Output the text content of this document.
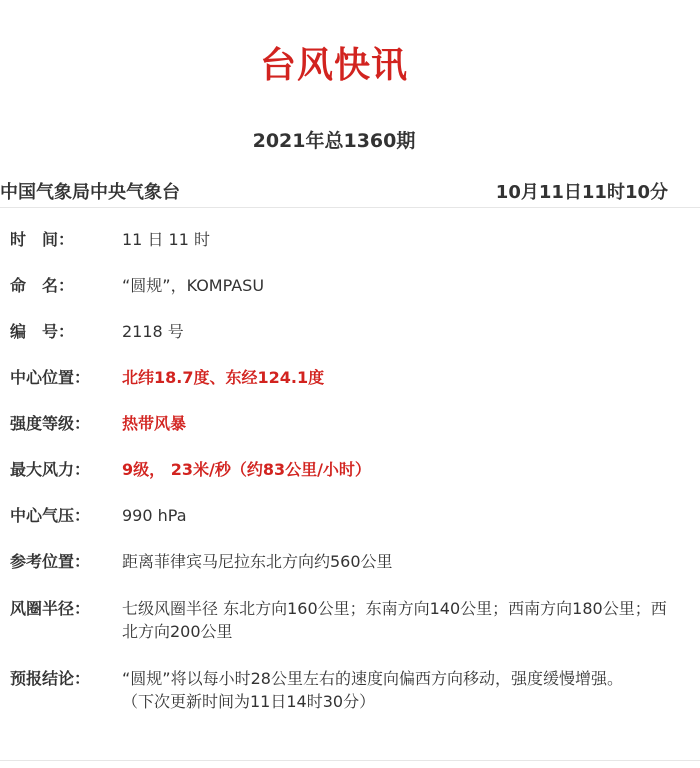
台风快讯
2021年总1360期
中国气象局中央气象台	10月11日11时10分
时　间：	11 日 11 时
命　名：	“圆规”，KOMPASU
编　号：	2118 号
中心位置：	北纬18.7度、东经124.1度
强度等级：	热带风暴
最大风力：	9级， 23米/秒（约83公里/小时）
中心气压：	990 hPa
参考位置：	距离菲律宾马尼拉东北方向约560公里
风圈半径：	七级风圈半径 东北方向160公里；东南方向140公里；西南方向180公里；西北方向200公里
预报结论：	“圆规”将以每小时28公里左右的速度向偏西方向移动，强度缓慢增强。
（下次更新时间为11日14时30分）
